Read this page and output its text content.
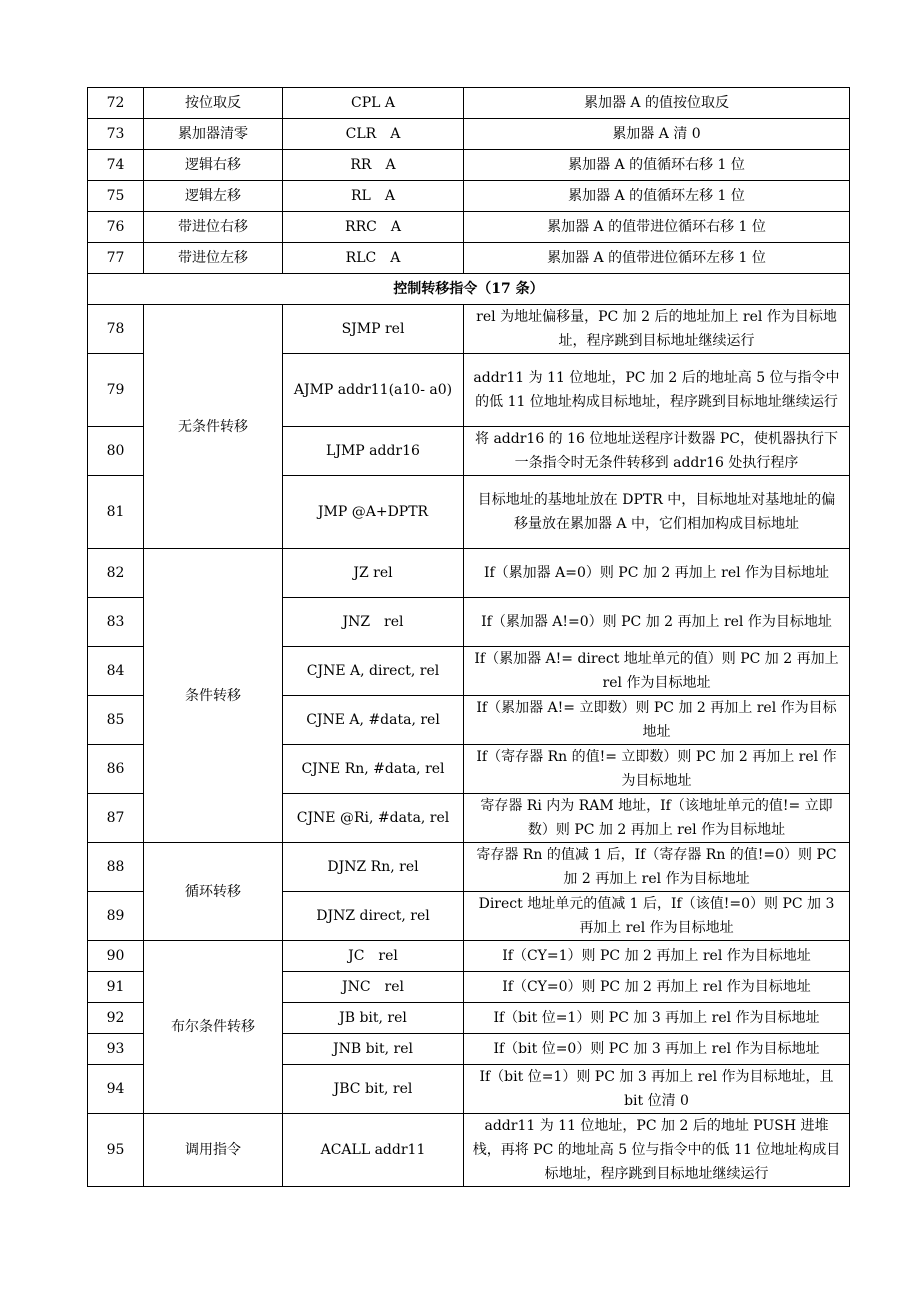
72	按位取反	CPL A	累加器 A 的值按位取反
73	累加器清零	CLR　A	累加器 A 清 0
74	逻辑右移	RR　A	累加器 A 的值循环右移 1 位
75	逻辑左移	RL　A	累加器 A 的值循环左移 1 位
76	带进位右移	RRC　A	累加器 A 的值带进位循环右移 1 位
77	带进位左移	RLC　A	累加器 A 的值带进位循环左移 1 位
控制转移指令（17 条）			
78	无条件转移	SJMP rel	rel 为地址偏移量，PC 加 2 后的地址加上 rel 作为目标地址，程序跳到目标地址继续运行
79		AJMP addr11(a10- a0)	addr11 为 11 位地址，PC 加 2 后的地址高 5 位与指令中的低 11 位地址构成目标地址，程序跳到目标地址继续运行
80		LJMP addr16	将 addr16 的 16 位地址送程序计数器 PC，使机器执行下一条指令时无条件转移到 addr16 处执行程序
81		JMP @A+DPTR	目标地址的基地址放在 DPTR 中，目标地址对基地址的偏移量放在累加器 A 中，它们相加构成目标地址
82	条件转移	JZ rel	If（累加器 A=0）则 PC 加 2 再加上 rel 作为目标地址
83		JNZ　rel	If（累加器 A!=0）则 PC 加 2 再加上 rel 作为目标地址
84		CJNE A, direct, rel	If（累加器 A!= direct 地址单元的值）则 PC 加 2 再加上 rel 作为目标地址
85		CJNE A, #data, rel	If（累加器 A!= 立即数）则 PC 加 2 再加上 rel 作为目标地址
86		CJNE Rn, #data, rel	If（寄存器 Rn 的值!= 立即数）则 PC 加 2 再加上 rel 作为目标地址
87		CJNE @Ri, #data, rel	寄存器 Ri 内为 RAM 地址，If（该地址单元的值!= 立即数）则 PC 加 2 再加上 rel 作为目标地址
88	循环转移	DJNZ Rn, rel	寄存器 Rn 的值减 1 后，If（寄存器 Rn 的值!=0）则 PC 加 2 再加上 rel 作为目标地址
89		DJNZ direct, rel	Direct 地址单元的值减 1 后，If（该值!=0）则 PC 加 3 再加上 rel 作为目标地址
90	布尔条件转移	JC　rel	If（CY=1）则 PC 加 2 再加上 rel 作为目标地址
91		JNC　rel	If（CY=0）则 PC 加 2 再加上 rel 作为目标地址
92		JB bit, rel	If（bit 位=1）则 PC 加 3 再加上 rel 作为目标地址
93		JNB bit, rel	If（bit 位=0）则 PC 加 3 再加上 rel 作为目标地址
94		JBC bit, rel	If（bit 位=1）则 PC 加 3 再加上 rel 作为目标地址，且 bit 位清 0
95	调用指令	ACALL addr11	addr11 为 11 位地址，PC 加 2 后的地址 PUSH 进堆栈，再将 PC 的地址高 5 位与指令中的低 11 位地址构成目标地址，程序跳到目标地址继续运行
